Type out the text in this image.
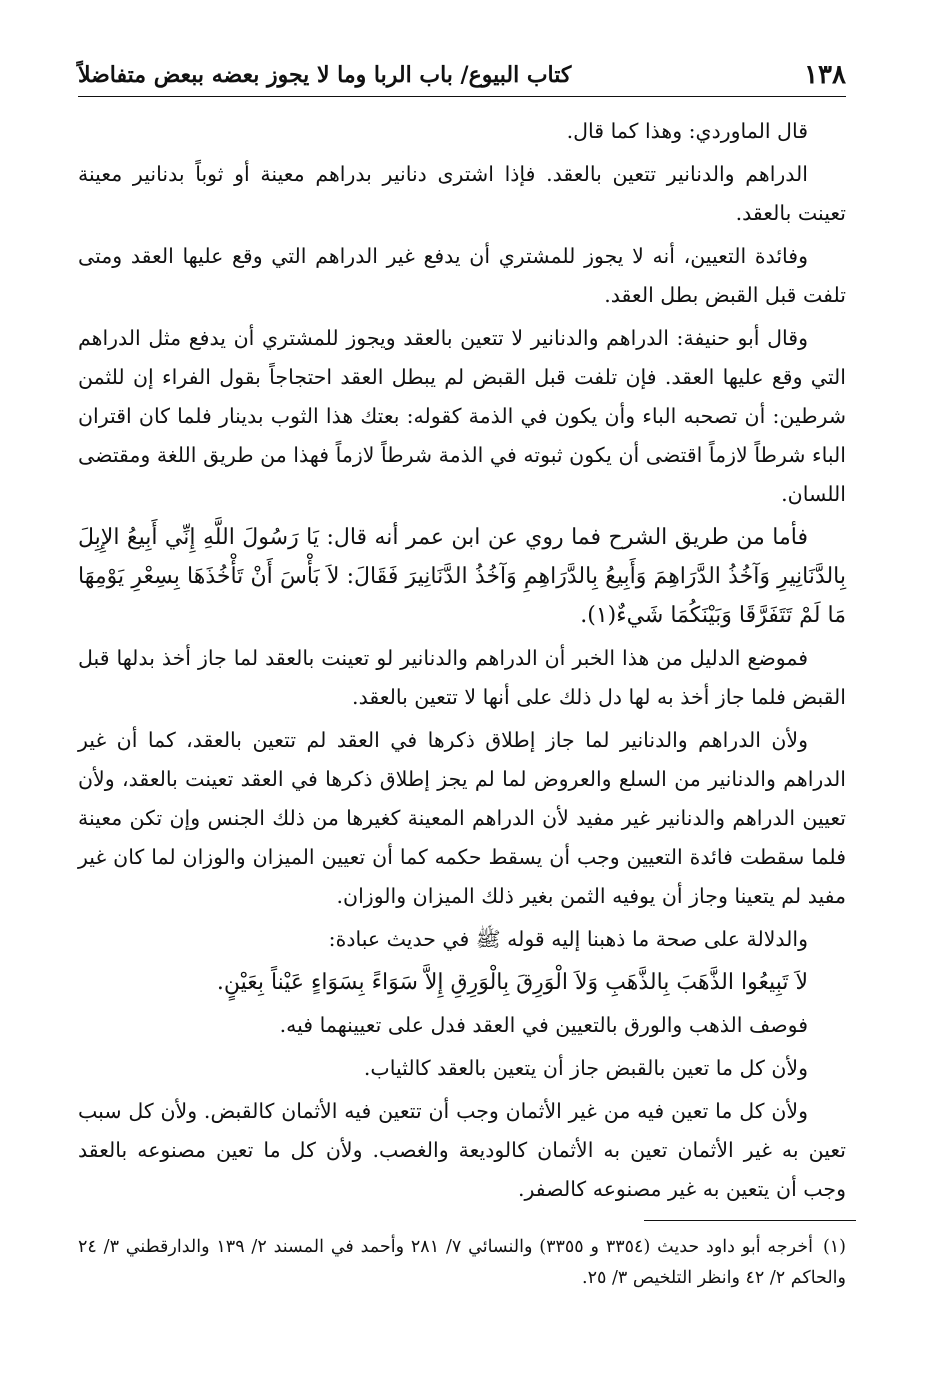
١٣٨
كتاب البيوع/ باب الربا وما لا يجوز بعضه ببعض متفاضلاً

قال الماوردي: وهذا كما قال.

الدراهم والدنانير تتعين بالعقد. فإذا اشترى دنانير بدراهم معينة أو ثوباً بدنانير معينة تعينت بالعقد.

وفائدة التعيين، أنه لا يجوز للمشتري أن يدفع غير الدراهم التي وقع عليها العقد ومتى تلفت قبل القبض بطل العقد.

وقال أبو حنيفة: الدراهم والدنانير لا تتعين بالعقد ويجوز للمشتري أن يدفع مثل الدراهم التي وقع عليها العقد. فإن تلفت قبل القبض لم يبطل العقد احتجاجاً بقول الفراء إن للثمن شرطين: أن تصحبه الباء وأن يكون في الذمة كقوله: بعتك هذا الثوب بدينار فلما كان اقتران الباء شرطاً لازماً اقتضى أن يكون ثبوته في الذمة شرطاً لازماً فهذا من طريق اللغة ومقتضى اللسان.

فأما من طريق الشرح فما روي عن ابن عمر أنه قال: يَا رَسُولَ اللَّهِ إِنِّي أَبِيعُ الإِبِلَ بِالدَّنَانِيرِ وَآخُذُ الدَّرَاهِمَ وَأَبِيعُ بِالدَّرَاهِمِ وَآخُذُ الدَّنَانِيرَ فَقَالَ: لاَ بَأْسَ أَنْ تَأْخُذَهَا بِسِعْرِ يَوْمِهَا مَا لَمْ تَتَفَرَّقَا وَبَيْنَكُمَا شَيءٌ(١).

فموضع الدليل من هذا الخبر أن الدراهم والدنانير لو تعينت بالعقد لما جاز أخذ بدلها قبل القبض فلما جاز أخذ به لها دل ذلك على أنها لا تتعين بالعقد.

ولأن الدراهم والدنانير لما جاز إطلاق ذكرها في العقد لم تتعين بالعقد، كما أن غير الدراهم والدنانير من السلع والعروض لما لم يجز إطلاق ذكرها في العقد تعينت بالعقد، ولأن تعيين الدراهم والدنانير غير مفيد لأن الدراهم المعينة كغيرها من ذلك الجنس وإن تكن معينة فلما سقطت فائدة التعيين وجب أن يسقط حكمه كما أن تعيين الميزان والوزان لما كان غير مفيد لم يتعينا وجاز أن يوفيه الثمن بغير ذلك الميزان والوزان.

والدلالة على صحة ما ذهبنا إليه قوله ﷺ في حديث عبادة:

لاَ تَبِيعُوا الذَّهَبَ بِالذَّهَبِ وَلاَ الْوَرِقَ بِالْوَرِقِ إِلاَّ سَوَاءً بِسَوَاءٍ عَيْناً بِعَيْنٍ.

فوصف الذهب والورق بالتعيين في العقد فدل على تعيينهما فيه.

ولأن كل ما تعين بالقبض جاز أن يتعين بالعقد كالثياب.

ولأن كل ما تعين فيه من غير الأثمان وجب أن تتعين فيه الأثمان كالقبض. ولأن كل سبب تعين به غير الأثمان تعين به الأثمان كالوديعة والغصب. ولأن كل ما تعين مصنوعه بالعقد وجب أن يتعين به غير مصنوعه كالصفر.

(١)أخرجه أبو داود حديث (٣٣٥٤ و ٣٣٥٥) والنسائي ٧/ ٢٨١ وأحمد في المسند ٢/ ١٣٩ والدارقطني ٣/ ٢٤ والحاكم ٢/ ٤٢ وانظر التلخيص ٣/ ٢٥.
